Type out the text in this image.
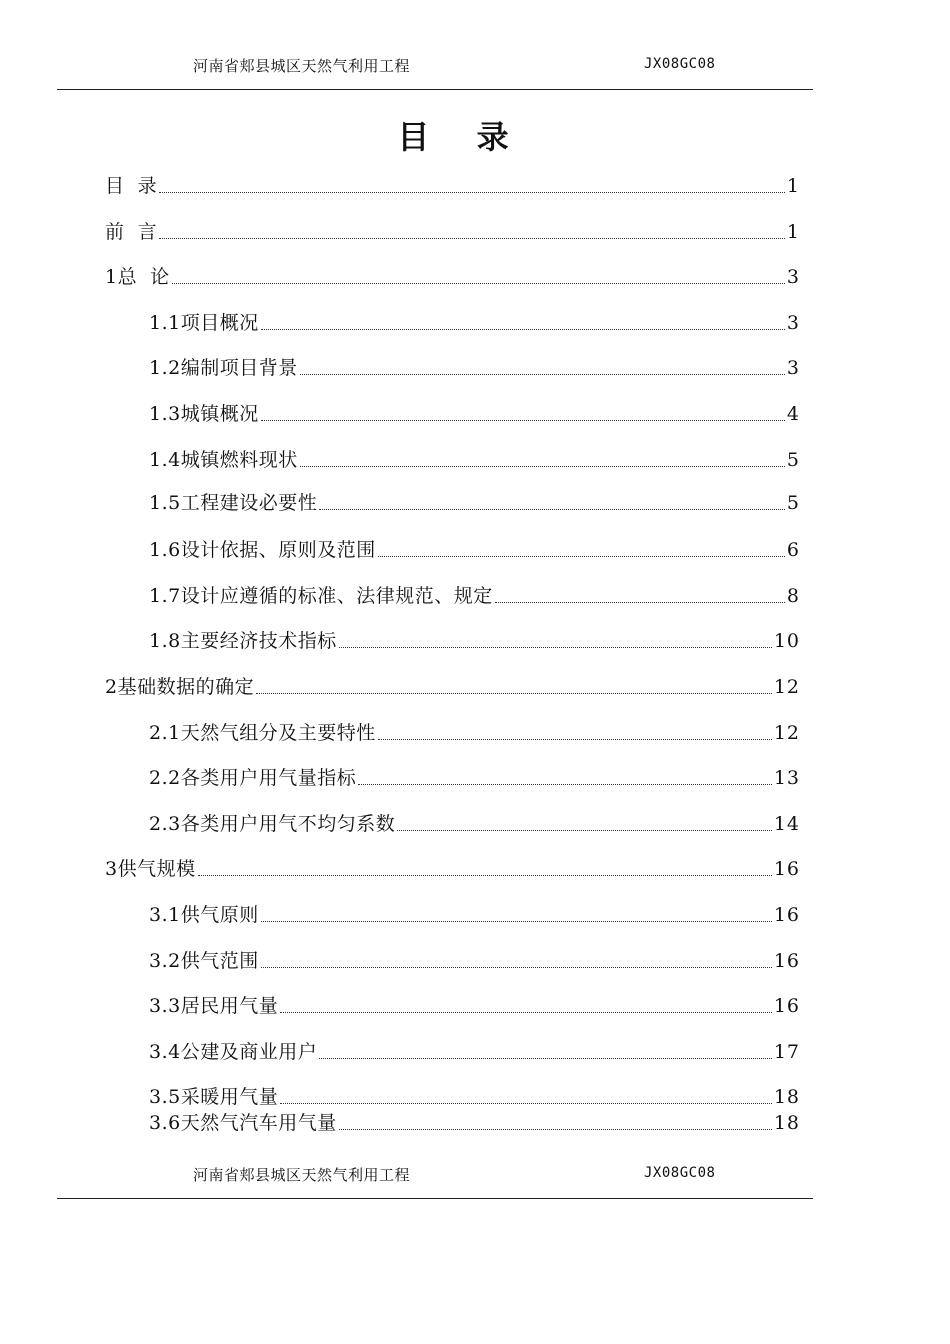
河南省郏县城区天然气利用工程	JX08GC08
目 录
目  录	1
前  言	1
1总  论	3
1.1项目概况	3
1.2编制项目背景	3
1.3城镇概况	4
1.4城镇燃料现状	5
1.5工程建设必要性	5
1.6设计依据、原则及范围	6
1.7设计应遵循的标准、法律规范、规定	8
1.8主要经济技术指标	10
2基础数据的确定	12
2.1天然气组分及主要特性	12
2.2各类用户用气量指标	13
2.3各类用户用气不均匀系数	14
3供气规模	16
3.1供气原则	16
3.2供气范围	16
3.3居民用气量	16
3.4公建及商业用户	17
3.5采暖用气量	18
3.6天然气汽车用气量	18
河南省郏县城区天然气利用工程	JX08GC08
